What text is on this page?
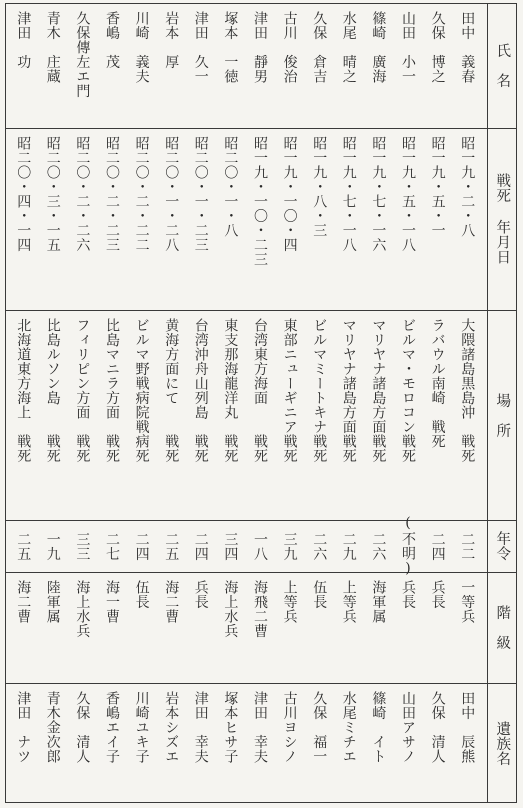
氏　名
戦死 年月日
場　所
年令
階　級
遺族名
田中　義春
昭一九・二・八
大隈諸島黒島沖　戦死
二二
一等兵
田中　辰熊
久保　博之
昭一九・五・一
ラバウル南崎　戦死
二四
兵長
久保　清人
山田　小一
昭一九・五・一八
ビルマ・モロコン戦死
(不明)
兵長
山田アサノ
篠崎　廣海
昭一九・七・一六
マリヤナ諸島方面戦死
二六
海軍属
篠崎　イト
水尾　晴之
昭一九・七・一八
マリヤナ諸島方面戦死
二九
上等兵
水尾ミチエ
久保　倉吉
昭一九・八・三
ビルマミートキナ戦死
二六
伍長
久保　福一
古川　俊治
昭一九・一〇・四
東部ニューギニア戦死
三九
上等兵
古川ヨシノ
津田　靜男
昭一九・一〇・二三
台湾東方海面　　戦死
一八
海飛二曹
津田　幸夫
塚本　一徳
昭二〇・一・八
東支那海龍洋丸　戦死
三四
海上水兵
塚本ヒサ子
津田　久一
昭二〇・一・二三
台湾沖舟山列島　戦死
二四
兵長
津田　幸夫
岩本　厚
昭二〇・一・二八
黄海方面にて　　戦死
二五
海二曹
岩本シズエ
川崎　義夫
昭二〇・二・二二
ビルマ野戦病院戦病死
二四
伍長
川崎ユキ子
香嶋　茂
昭二〇・二・二三
比島マニラ方面　戦死
二七
海一曹
香嶋エイ子
久保傳左エ門
昭二〇・二・二六
フィリピン方面　戦死
三三
海上水兵
久保　清人
青木　庄蔵
昭二〇・三・一五
比島ルソン島　　戦死
一九
陸軍属
青木金次郎
津田　功
昭二〇・四・一四
北海道東方海上　戦死
二五
海二曹
津田　ナツ
